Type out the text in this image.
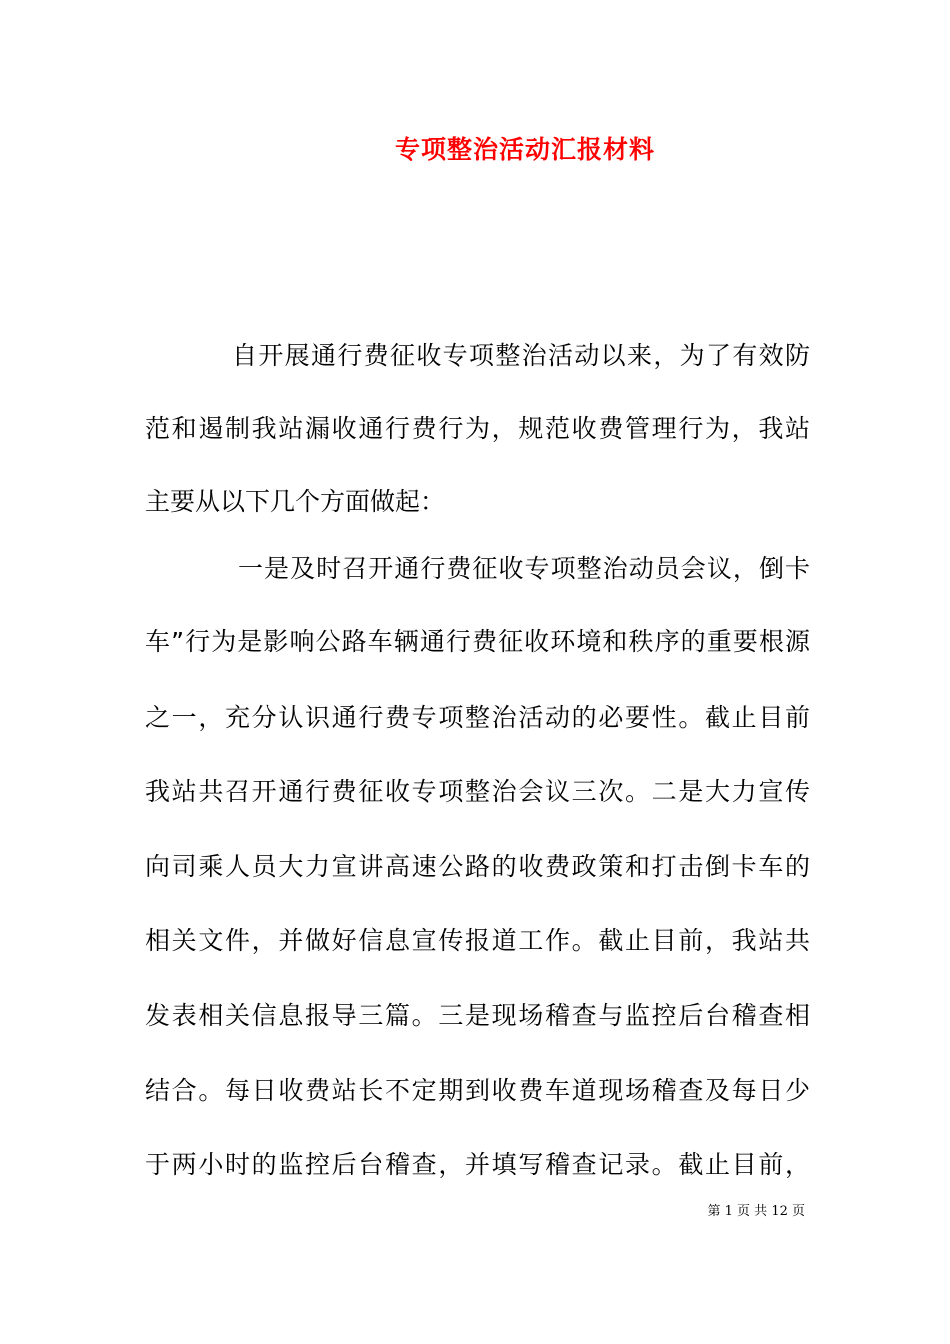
专项整治活动汇报材料
自开展通行费征收专项整治活动以来，为了有效防
范和遏制我站漏收通行费行为，规范收费管理行为，我站
主要从以下几个方面做起：
一是及时召开通行费征收专项整治动员会议，倒卡
车”行为是影响公路车辆通行费征收环境和秩序的重要根源
之一，充分认识通行费专项整治活动的必要性。截止目前
我站共召开通行费征收专项整治会议三次。二是大力宣传
向司乘人员大力宣讲高速公路的收费政策和打击倒卡车的
相关文件，并做好信息宣传报道工作。截止目前，我站共
发表相关信息报导三篇。三是现场稽查与监控后台稽查相
结合。每日收费站长不定期到收费车道现场稽查及每日少
于两小时的监控后台稽查，并填写稽查记录。截止目前，
第 1 页 共 12 页
